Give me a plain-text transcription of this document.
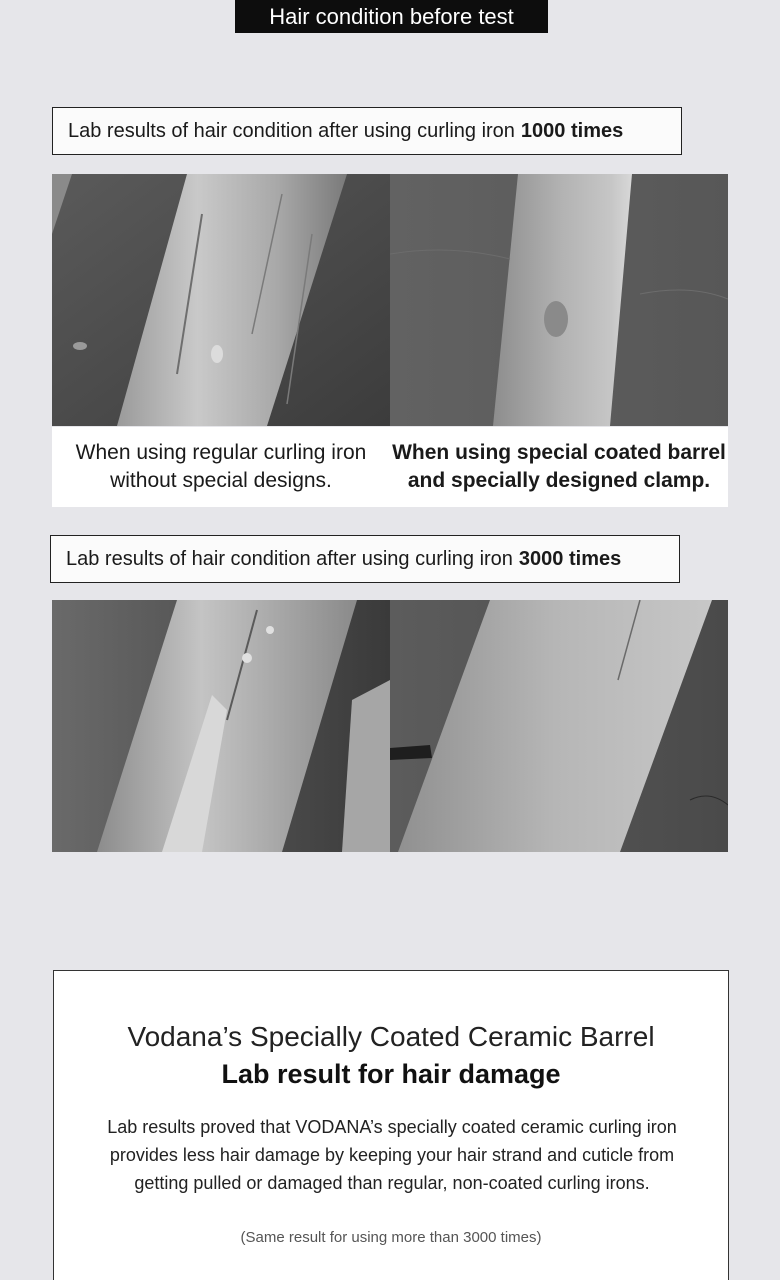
Hair condition before test
Lab results of hair condition after using curling iron 1000 times
When using regular curling iron
without special designs.
When using special coated barrel
and specially designed clamp.
Lab results of hair condition after using curling iron 3000 times
Vodana’s Specially Coated Ceramic Barrel
Lab result for hair damage
Lab results proved that VODANA’s specially coated ceramic curling iron
provides less hair damage by keeping your hair strand and cuticle from
getting pulled or damaged than regular, non-coated curling irons.
(Same result for using more than 3000 times)
